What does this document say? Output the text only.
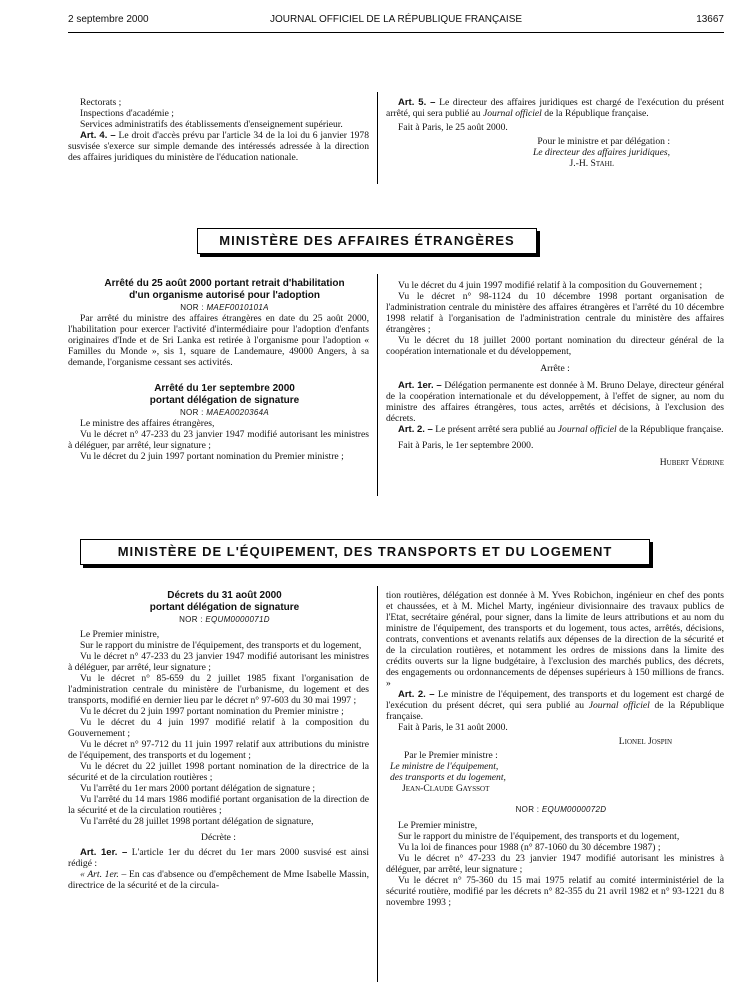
2 septembre 2000	JOURNAL OFFICIEL DE LA RÉPUBLIQUE FRANÇAISE	13667

Rectorats ;

Inspections d'académie ;

Services administratifs des établissements d'enseignement supérieur.

Art. 4. – Le droit d'accès prévu par l'article 34 de la loi du 6 janvier 1978 susvisée s'exerce sur simple demande des intéressés adressée à la direction des affaires juridiques du ministère de l'éducation nationale.

Art. 5. – Le directeur des affaires juridiques est chargé de l'exécution du présent arrêté, qui sera publié au Journal officiel de la République française.

Fait à Paris, le 25 août 2000.

Pour le ministre et par délégation :

Le directeur des affaires juridiques,

J.-H. Stahl

MINISTÈRE DES AFFAIRES ÉTRANGÈRES

Arrêté du 25 août 2000 portant retrait d'habilitation

d'un organisme autorisé pour l'adoption

NOR : MAEF0010101A

Par arrêté du ministre des affaires étrangères en date du 25 août 2000, l'habilitation pour exercer l'activité d'intermédiaire pour l'adoption d'enfants originaires d'Inde et de Sri Lanka est retirée à l'organisme pour l'adoption « Familles du Monde », sis 1, square de Landemaure, 49000 Angers, à sa demande, l'organisme cessant ses activités.

Arrêté du 1er septembre 2000

portant délégation de signature

NOR : MAEA0020364A

Le ministre des affaires étrangères,

Vu le décret n° 47-233 du 23 janvier 1947 modifié autorisant les ministres à déléguer, par arrêté, leur signature ;

Vu le décret du 2 juin 1997 portant nomination du Premier ministre ;

Vu le décret du 4 juin 1997 modifié relatif à la composition du Gouvernement ;

Vu le décret n° 98-1124 du 10 décembre 1998 portant organisation de l'administration centrale du ministère des affaires étrangères et l'arrêté du 10 décembre 1998 relatif à l'organisation de l'administration centrale du ministère des affaires étrangères ;

Vu le décret du 18 juillet 2000 portant nomination du directeur général de la coopération internationale et du développement,

Arrête :

Art. 1er. – Délégation permanente est donnée à M. Bruno Delaye, directeur général de la coopération internationale et du développement, à l'effet de signer, au nom du ministre des affaires étrangères, tous actes, arrêtés et décisions, à l'exclusion des décrets.

Art. 2. – Le présent arrêté sera publié au Journal officiel de la République française.

Fait à Paris, le 1er septembre 2000.

Hubert Védrine

MINISTÈRE DE L'ÉQUIPEMENT, DES TRANSPORTS ET DU LOGEMENT

Décrets du 31 août 2000

portant délégation de signature

NOR : EQUM0000071D

Le Premier ministre,

Sur le rapport du ministre de l'équipement, des transports et du logement,

Vu le décret n° 47-233 du 23 janvier 1947 modifié autorisant les ministres à déléguer, par arrêté, leur signature ;

Vu le décret n° 85-659 du 2 juillet 1985 fixant l'organisation de l'administration centrale du ministère de l'urbanisme, du logement et des transports, modifié en dernier lieu par le décret n° 97-603 du 30 mai 1997 ;

Vu le décret du 2 juin 1997 portant nomination du Premier ministre ;

Vu le décret du 4 juin 1997 modifié relatif à la composition du Gouvernement ;

Vu le décret n° 97-712 du 11 juin 1997 relatif aux attributions du ministre de l'équipement, des transports et du logement ;

Vu le décret du 22 juillet 1998 portant nomination de la directrice de la sécurité et de la circulation routières ;

Vu l'arrêté du 1er mars 2000 portant délégation de signature ;

Vu l'arrêté du 14 mars 1986 modifié portant organisation de la direction de la sécurité et de la circulation routières ;

Vu l'arrêté du 28 juillet 1998 portant délégation de signature,

Décrète :

Art. 1er. – L'article 1er du décret du 1er mars 2000 susvisé est ainsi rédigé :

« Art. 1er. – En cas d'absence ou d'empêchement de Mme Isabelle Massin, directrice de la sécurité et de la circula-

tion routières, délégation est donnée à M. Yves Robichon, ingénieur en chef des ponts et chaussées, et à M. Michel Marty, ingénieur divisionnaire des travaux publics de l'Etat, secrétaire général, pour signer, dans la limite de leurs attributions et au nom du ministre de l'équipement, des transports et du logement, tous actes, arrêtés, décisions, contrats, conventions et avenants relatifs aux dépenses de la direction de la sécurité et de la circulation routières, et notamment les ordres de missions dans la limite des crédits ouverts sur la ligne budgétaire, à l'exclusion des marchés publics, des décrets, des engagements ou ordonnancements de dépenses supérieurs à 150 millions de francs. »

Art. 2. – Le ministre de l'équipement, des transports et du logement est chargé de l'exécution du présent décret, qui sera publié au Journal officiel de la République française.

Fait à Paris, le 31 août 2000.

Lionel Jospin

Par le Premier ministre :

Le ministre de l'équipement,

des transports et du logement,

Jean-Claude Gayssot

NOR : EQUM0000072D

Le Premier ministre,

Sur le rapport du ministre de l'équipement, des transports et du logement,

Vu la loi de finances pour 1988 (n° 87-1060 du 30 décembre 1987) ;

Vu le décret n° 47-233 du 23 janvier 1947 modifié autorisant les ministres à déléguer, par arrêté, leur signature ;

Vu le décret n° 75-360 du 15 mai 1975 relatif au comité interministériel de la sécurité routière, modifié par les décrets n° 82-355 du 21 avril 1982 et n° 93-1221 du 8 novembre 1993 ;
